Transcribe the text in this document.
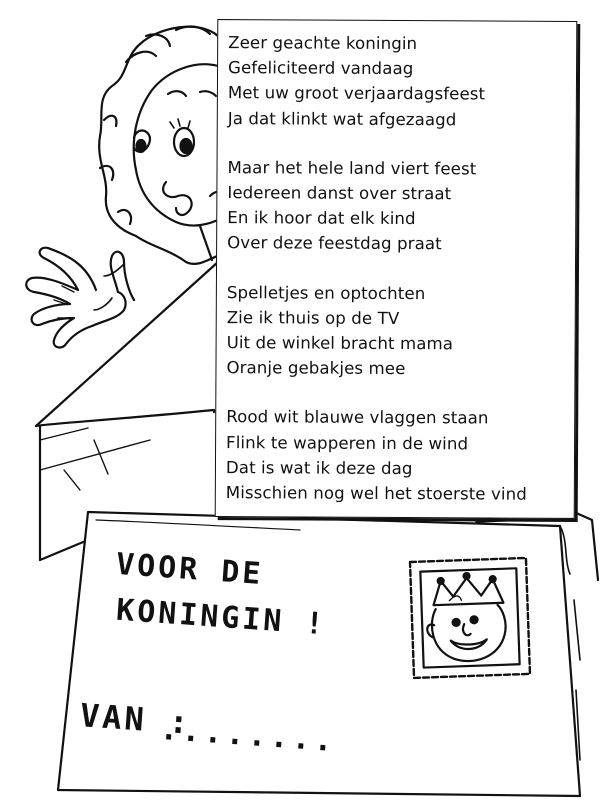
Zeer geachte koningin
Gefeliciteerd vandaag
Met uw groot verjaardagsfeest
Ja dat klinkt wat afgezaagd
Maar het hele land viert feest
Iedereen danst over straat
En ik hoor dat elk kind
Over deze feestdag praat
Spelletjes en optochten
Zie ik thuis op de TV
Uit de winkel bracht mama
Oranje gebakjes mee
Rood wit blauwe vlaggen staan
Flink te wapperen in de wind
Dat is wat ik deze dag
Misschien nog wel het stoerste vind
VOOR DE
KONINGIN !
VAN :
........
